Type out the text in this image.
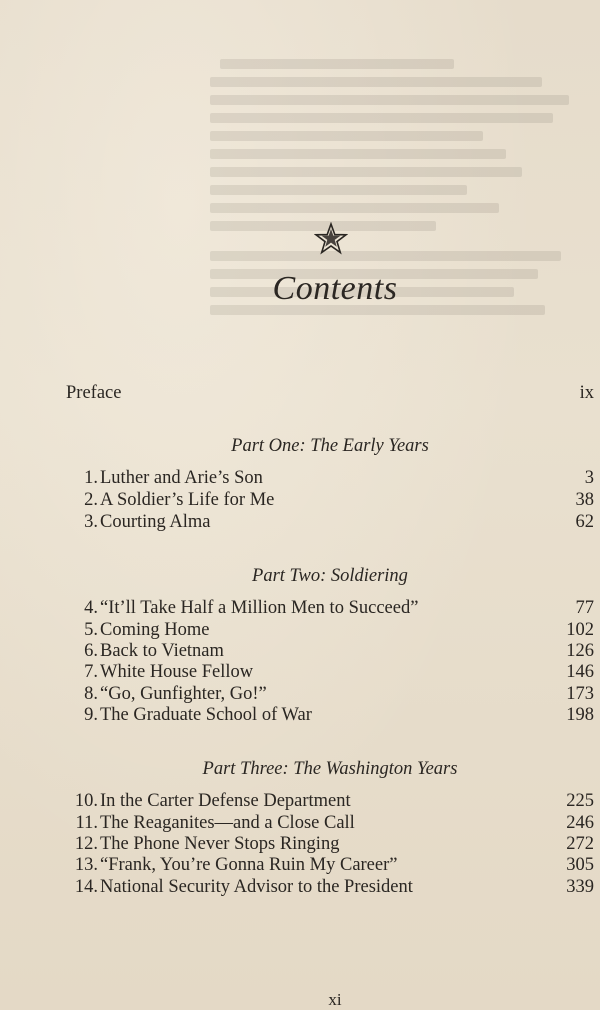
Contents
Preface	ix
Part One: The Early Years
1. Luther and Arie’s Son	3
2. A Soldier’s Life for Me	38
3. Courting Alma	62
Part Two: Soldiering
4. “It’ll Take Half a Million Men to Succeed”	77
5. Coming Home	102
6. Back to Vietnam	126
7. White House Fellow	146
8. “Go, Gunfighter, Go!”	173
9. The Graduate School of War	198
Part Three: The Washington Years
10. In the Carter Defense Department	225
11. The Reaganites—and a Close Call	246
12. The Phone Never Stops Ringing	272
13. “Frank, You’re Gonna Ruin My Career”	305
14. National Security Advisor to the President	339
xi
